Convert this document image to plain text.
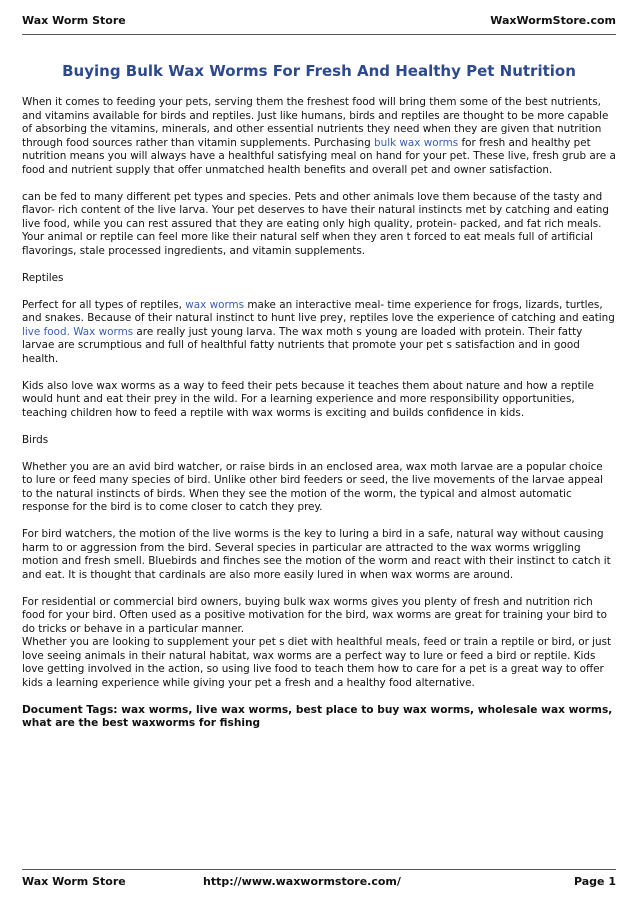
Wax Worm Store	WaxWormStore.com
Buying Bulk Wax Worms For Fresh And Healthy Pet Nutrition

When it comes to feeding your pets, serving them the freshest food will bring them some of the best nutrients, and vitamins available for birds and reptiles. Just like humans, birds and reptiles are thought to be more capable of absorbing the vitamins, minerals, and other essential nutrients they need when they are given that nutrition through food sources rather than vitamin supplements. Purchasing bulk wax worms for fresh and healthy pet nutrition means you will always have a healthful satisfying meal on hand for your pet. These live, fresh grub are a food and nutrient supply that offer unmatched health benefits and overall pet and owner satisfaction.

can be fed to many different pet types and species. Pets and other animals love them because of the tasty and flavor- rich content of the live larva. Your pet deserves to have their natural instincts met by catching and eating live food, while you can rest assured that they are eating only high quality, protein- packed, and fat rich meals. Your animal or reptile can feel more like their natural self when they aren t forced to eat meals full of artificial flavorings, stale processed ingredients, and vitamin supplements.

Reptiles

Perfect for all types of reptiles, wax worms make an interactive meal- time experience for frogs, lizards, turtles, and snakes. Because of their natural instinct to hunt live prey, reptiles love the experience of catching and eating live food. Wax worms are really just young larva. The wax moth s young are loaded with protein. Their fatty larvae are scrumptious and full of healthful fatty nutrients that promote your pet s satisfaction and in good health.

Kids also love wax worms as a way to feed their pets because it teaches them about nature and how a reptile would hunt and eat their prey in the wild. For a learning experience and more responsibility opportunities, teaching children how to feed a reptile with wax worms is exciting and builds confidence in kids.

Birds

Whether you are an avid bird watcher, or raise birds in an enclosed area, wax moth larvae are a popular choice to lure or feed many species of bird. Unlike other bird feeders or seed, the live movements of the larvae appeal to the natural instincts of birds. When they see the motion of the worm, the typical and almost automatic response for the bird is to come closer to catch they prey.

For bird watchers, the motion of the live worms is the key to luring a bird in a safe, natural way without causing harm to or aggression from the bird. Several species in particular are attracted to the wax worms wriggling motion and fresh smell. Bluebirds and finches see the motion of the worm and react with their instinct to catch it and eat. It is thought that cardinals are also more easily lured in when wax worms are around.

For residential or commercial bird owners, buying bulk wax worms gives you plenty of fresh and nutrition rich food for your bird. Often used as a positive motivation for the bird, wax worms are great for training your bird to do tricks or behave in a particular manner.

Whether you are looking to supplement your pet s diet with healthful meals, feed or train a reptile or bird, or just love seeing animals in their natural habitat, wax worms are a perfect way to lure or feed a bird or reptile. Kids love getting involved in the action, so using live food to teach them how to care for a pet is a great way to offer kids a learning experience while giving your pet a fresh and a healthy food alternative.

Document Tags: wax worms, live wax worms, best place to buy wax worms, wholesale wax worms, what are the best waxworms for fishing

Wax Worm Store	http://www.waxwormstore.com/	Page 1
